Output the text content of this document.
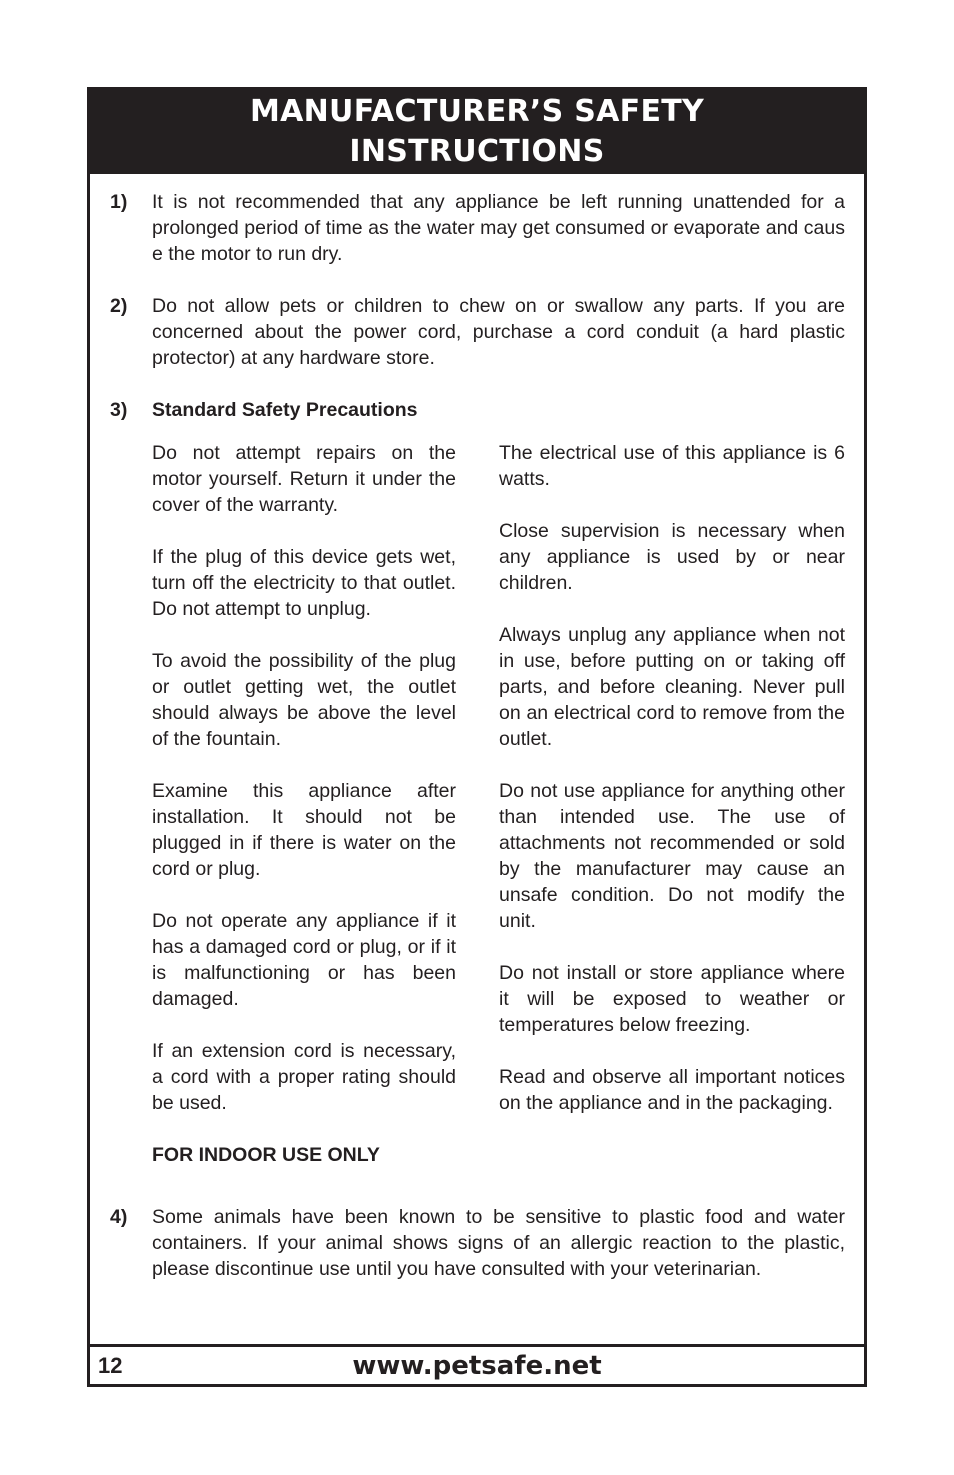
MANUFACTURER’S SAFETY INSTRUCTIONS
1) It is not recommended that any appliance be left running unattended for a prolonged period of time as the water may get consumed or evaporate and caus e the motor to run dry.
2) Do not allow pets or children to chew on or swallow any parts. If you are concerned about the power cord, purchase a cord conduit (a hard plastic protector) at any hardware store.
3) Standard Safety Precautions
Do not attempt repairs on the motor yourself. Return it under the cover of the warranty.
If the plug of this device gets wet, turn off the electricity to that outlet. Do not attempt to unplug.
To avoid the possibility of the plug or outlet getting wet, the outlet should always be above the level of the fountain.
Examine this appliance after installation. It should not be plugged in if there is water on the cord or plug.
Do not operate any appliance if it has a damaged cord or plug, or if it is malfunctioning or has been damaged.
If an extension cord is necessary, a cord with a proper rating should be used.
FOR INDOOR USE ONLY
The electrical use of this appliance is 6 watts.
Close supervision is necessary when any appliance is used by or near children.
Always unplug any appliance when not in use, before putting on or taking off parts, and before cleaning. Never pull on an electrical cord to remove from the outlet.
Do not use appliance for anything other than intended use. The use of attachments not recommended or sold by the manufacturer may cause an unsafe condition. Do not modify the unit.
Do not install or store appliance where it will be exposed to weather or temperatures below freezing.
Read and observe all important notices on the appliance and in the packaging.
4) Some animals have been known to be sensitive to plastic food and water containers. If your animal shows signs of an allergic reaction to the plastic, please discontinue use until you have consulted with your veterinarian.
12	www.petsafe.net
